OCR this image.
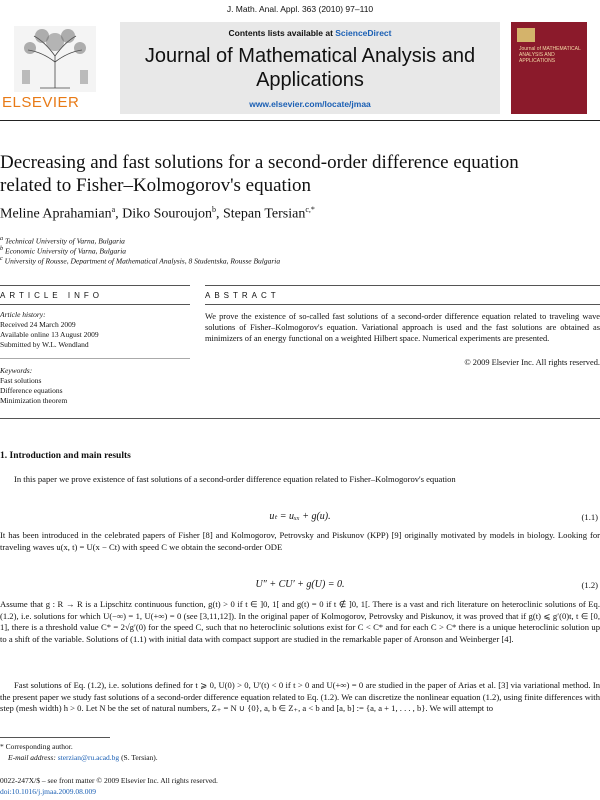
J. Math. Anal. Appl. 363 (2010) 97–110
ELSEVIER
Contents lists available at ScienceDirect
Journal of Mathematical Analysis and
Applications
www.elsevier.com/locate/jmaa
Journal of MATHEMATICAL ANALYSIS AND APPLICATIONS
Decreasing and fast solutions for a second-order difference equation
related to Fisher–Kolmogorov's equation
Meline Aprahamian$^a$, Diko Souroujon$^b$, Stepan Tersian$^{c,*}$
$^a$ Technical University of Varna, Bulgaria
$^b$ Economic University of Varna, Bulgaria
$^c$ University of Rousse, Department of Mathematical Analysis, 8 Studentska, Rousse Bulgaria
ARTICLE INFO	ABSTRACT
Article history:
Received 24 March 2009
Available online 13 August 2009
Submitted by W.L. Wendland
Keywords:
Fast solutions
Difference equations
Minimization theorem
We prove the existence of so-called fast solutions of a second-order difference equation related to traveling wave solutions of Fisher–Kolmogorov's equation. Variational approach is used and the fast solutions are obtained as minimizers of an energy functional on a weighted Hilbert space. Numerical experiments are presented.
© 2009 Elsevier Inc. All rights reserved.
1. Introduction and main results
In this paper we prove existence of fast solutions of a second-order difference equation related to Fisher–Kolmogorov's equation
uₜ = uₓₓ + g(u).	(1.1)
It has been introduced in the celebrated papers of Fisher [8] and Kolmogorov, Petrovsky and Piskunov (KPP) [9] originally motivated by models in biology. Looking for traveling waves u(x, t) = U(x − Ct) with speed C we obtain the second-order ODE
U″ + CU′ + g(U) = 0.	(1.2)
Assume that g : R → R is a Lipschitz continuous function, g(t) > 0 if t ∈ ]0, 1[ and g(t) = 0 if t ∉ ]0, 1[. There is a vast and rich literature on heteroclinic solutions of Eq. (1.2), i.e. solutions for which U(−∞) = 1, U(+∞) = 0 (see [3,11,12]). In the original paper of Kolmogorov, Petrovsky and Piskunov, it was proved that if g(t) ⩽ g′(0)t, t ∈ [0, 1], there is a threshold value C* = 2√g′(0) for the speed C, such that no heteroclinic solutions exist for C < C* and for each C > C* there is a unique heteroclinic solution up to a shift of the variable. Solutions of (1.1) with initial data with compact support are studied in the remarkable paper of Aronson and Weinberger [4].
Fast solutions of Eq. (1.2), i.e. solutions defined for t ⩾ 0, U(0) > 0, U′(t) < 0 if t > 0 and U(+∞) = 0 are studied in the paper of Arias et al. [3] via variational method. In the present paper we study fast solutions of a second-order difference equation related to Eq. (1.2). We can discretize the nonlinear equation (1.2), using finite differences with step (mesh width) h > 0. Let N be the set of natural numbers, Z₊ = N ∪ {0}, a, b ∈ Z₊, a < b and [a, b] := {a, a + 1, . . . , b}. We will attempt to
* Corresponding author.
E-mail address: sterzian@ru.acad.bg (S. Tersian).
0022-247X/$ – see front matter © 2009 Elsevier Inc. All rights reserved.
doi:10.1016/j.jmaa.2009.08.009
